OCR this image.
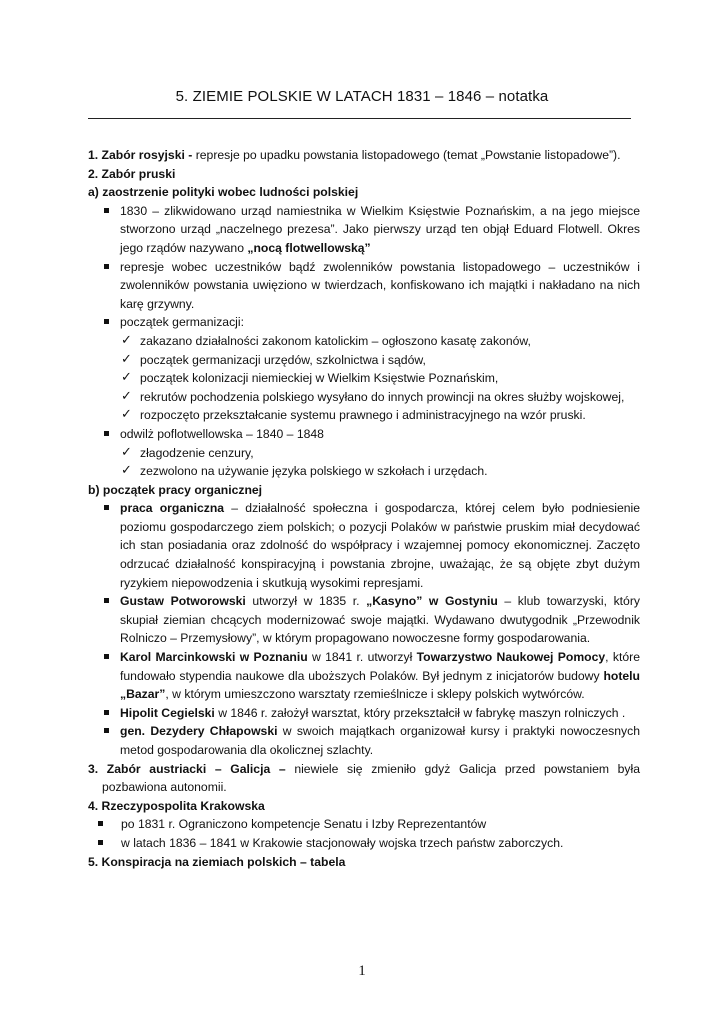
5. ZIEMIE POLSKIE W LATACH 1831 – 1846 – notatka

1. Zabór rosyjski - represje po upadku powstania listopadowego (temat „Powstanie listopadowe”).

2. Zabór pruski

a) zaostrzenie polityki wobec ludności polskiej

1830 – zlikwidowano urząd namiestnika w Wielkim Księstwie Poznańskim, a na jego miejsce stworzono urząd „naczelnego prezesa”. Jako pierwszy urząd ten objął Eduard Flotwell. Okres jego rządów nazywano „nocą flotwellowską”

represje wobec uczestników bądź zwolenników powstania listopadowego – uczestników i zwolenników powstania uwięziono w twierdzach, konfiskowano ich majątki i nakładano na nich karę grzywny.

początek germanizacji:

✓ zakazano działalności zakonom katolickim – ogłoszono kasatę zakonów,

✓ początek germanizacji urzędów, szkolnictwa i sądów,

✓ początek kolonizacji niemieckiej w Wielkim Księstwie Poznańskim,

✓ rekrutów pochodzenia polskiego wysyłano do innych prowincji na okres służby wojskowej,

✓ rozpoczęto przekształcanie systemu prawnego i administracyjnego na wzór pruski.

odwilż poflotwellowska – 1840 – 1848

✓ złagodzenie cenzury,

✓ zezwolono na używanie języka polskiego w szkołach i urzędach.

b) początek pracy organicznej

praca organiczna – działalność społeczna i gospodarcza, której celem było podniesienie poziomu gospodarczego ziem polskich; o pozycji Polaków w państwie pruskim miał decydować ich stan posiadania oraz zdolność do współpracy i wzajemnej pomocy ekonomicznej. Zaczęto odrzucać działalność konspiracyjną i powstania zbrojne, uważając, że są objęte zbyt dużym ryzykiem niepowodzenia i skutkują wysokimi represjami.

Gustaw Potworowski utworzył w 1835 r. „Kasyno” w Gostyniu – klub towarzyski, który skupiał ziemian chcących modernizować swoje majątki. Wydawano dwutygodnik „Przewodnik Rolniczo – Przemysłowy”, w którym propagowano nowoczesne formy gospodarowania.

Karol Marcinkowski w Poznaniu w 1841 r. utworzył Towarzystwo Naukowej Pomocy, które fundowało stypendia naukowe dla uboższych Polaków. Był jednym z inicjatorów budowy hotelu „Bazar”, w którym umieszczono warsztaty rzemieślnicze i sklepy polskich wytwórców.

Hipolit Cegielski w 1846 r. założył warsztat, który przekształcił w fabrykę maszyn rolniczych .

gen. Dezydery Chłapowski w swoich majątkach organizował kursy i praktyki nowoczesnych metod gospodarowania dla okolicznej szlachty.

3. Zabór austriacki – Galicja – niewiele się zmieniło gdyż Galicja przed powstaniem była pozbawiona autonomii.

4. Rzeczypospolita Krakowska

po 1831 r. Ograniczono kompetencje Senatu i Izby Reprezentantów

w latach 1836 – 1841 w Krakowie stacjonowały wojska trzech państw zaborczych.

5. Konspiracja na ziemiach polskich – tabela

1
